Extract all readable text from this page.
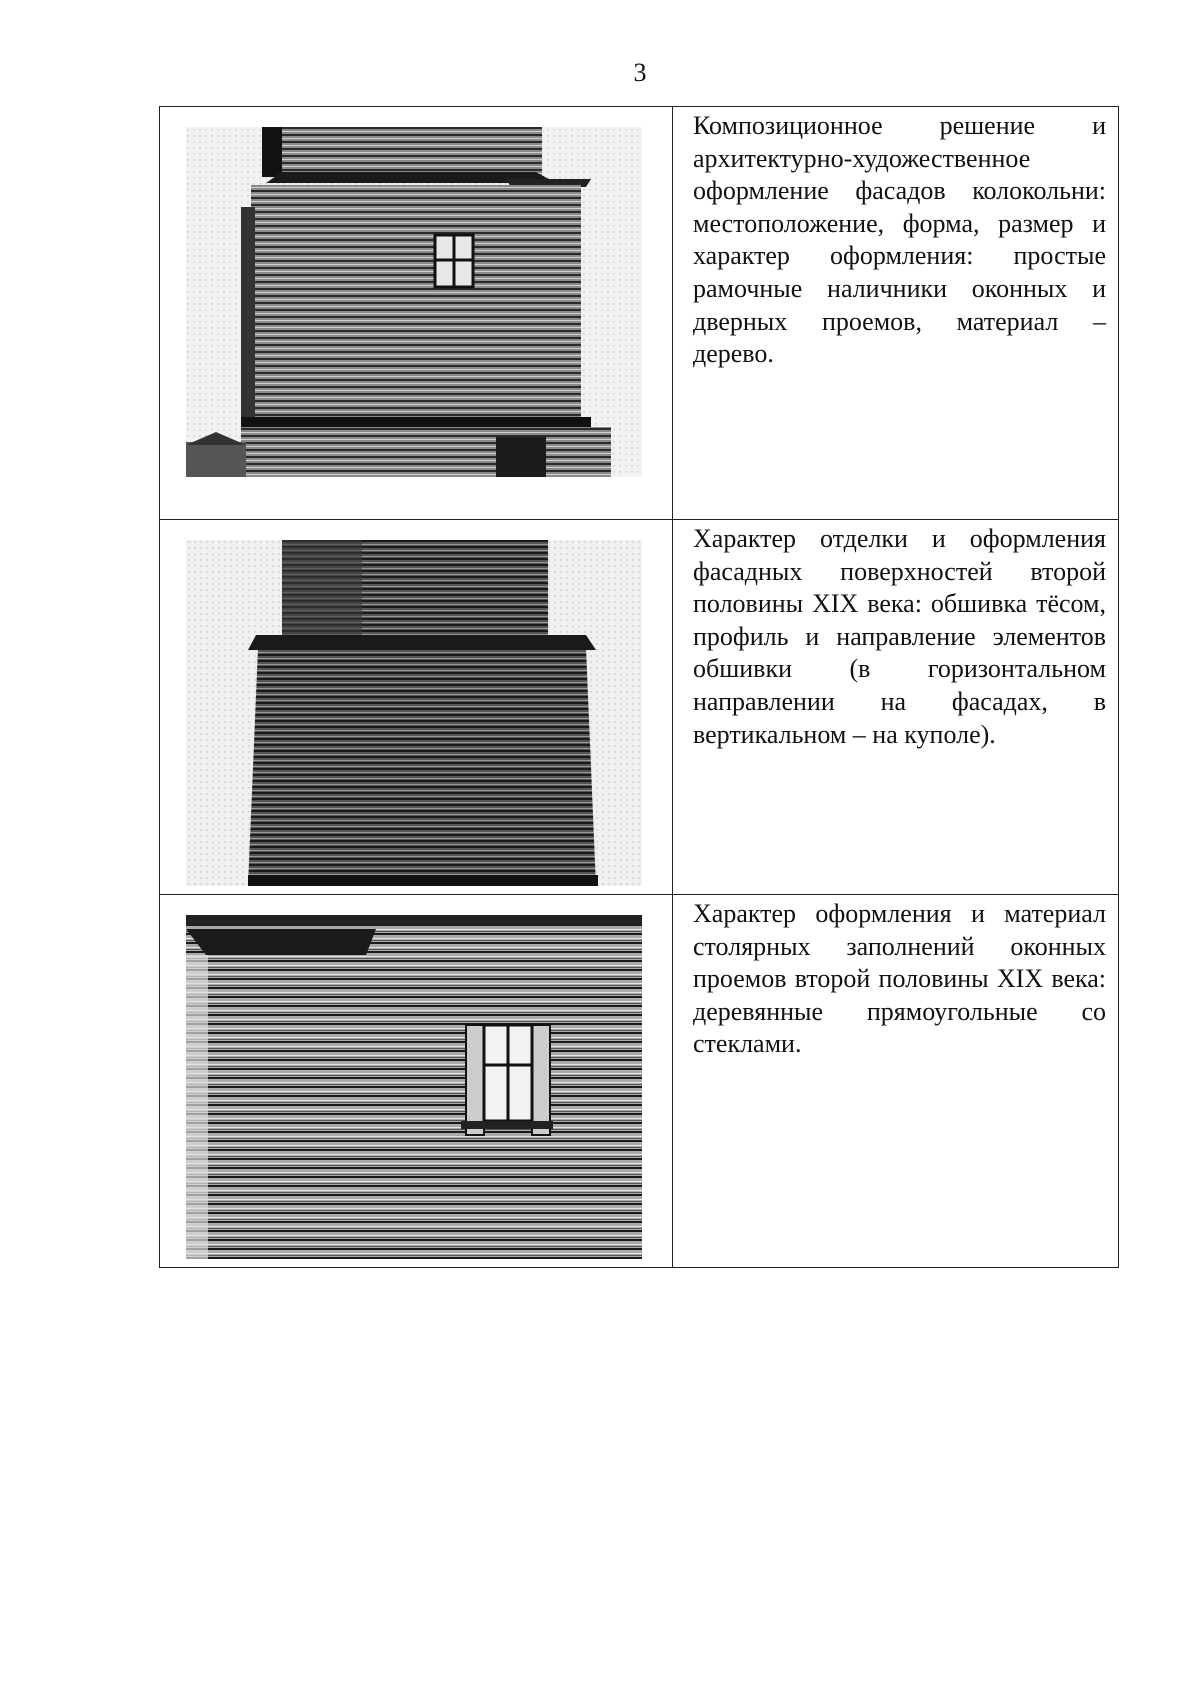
3

Композиционное решение и архитектурно-художественное оформление фасадов колокольни: местоположение, форма, размер и характер оформления: простые рамочные наличники оконных и дверных проемов, материал – дерево.

Характер отделки и оформления фасадных поверхностей второй половины XIX века: обшивка тёсом, профиль и направление элементов обшивки (в горизонтальном направлении на фасадах, в вертикальном – на куполе).

Характер оформления и материал столярных заполнений оконных проемов второй половины XIX века: деревянные прямоугольные со стеклами.
